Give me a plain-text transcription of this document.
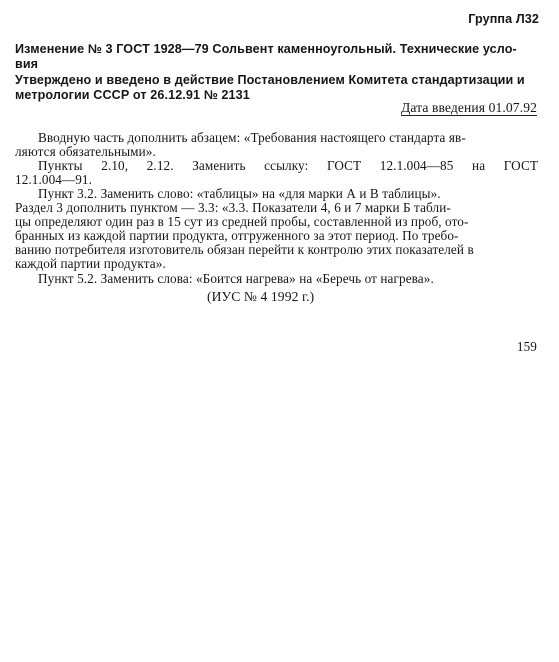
Группа Л32
Изменение № 3 ГОСТ 1928—79 Сольвент каменноугольный. Технические усло-
вия
Утверждено и введено в действие Постановлением Комитета стандартизации и
метрологии СССР от 26.12.91 № 2131
Дата введения 01.07.92
Вводную часть дополнить абзацем: «Требования настоящего стандарта яв-
ляются обязательными».
Пункты 2.10, 2.12. Заменить ссылку: ГОСТ 12.1.004—85 на ГОСТ
12.1.004—91.
Пункт 3.2. Заменить слово: «таблицы» на «для марки А и В таблицы».
Раздел 3 дополнить пунктом — 3.3: «3.3. Показатели 4, 6 и 7 марки Б табли-
цы определяют один раз в 15 сут из средней пробы, составленной из проб, ото-
бранных из каждой партии продукта, отгруженного за этот период. По требо-
ванию потребителя изготовитель обязан перейти к контролю этих показателей в
каждой партии продукта».
Пункт 5.2. Заменить слова: «Боится нагрева» на «Беречь от нагрева».
(ИУС № 4 1992 г.)
159
